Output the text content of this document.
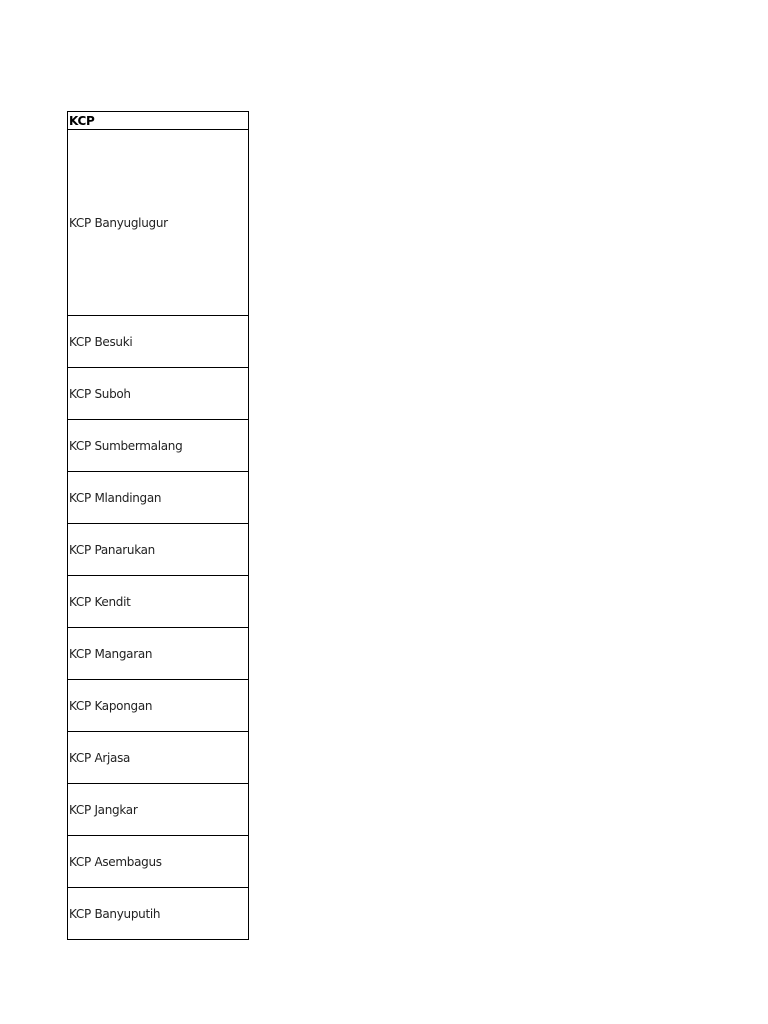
KCP
KCP Banyuglugur
KCP Besuki
KCP Suboh
KCP Sumbermalang
KCP Mlandingan
KCP Panarukan
KCP Kendit
KCP Mangaran
KCP Kapongan
KCP Arjasa
KCP Jangkar
KCP Asembagus
KCP Banyuputih
